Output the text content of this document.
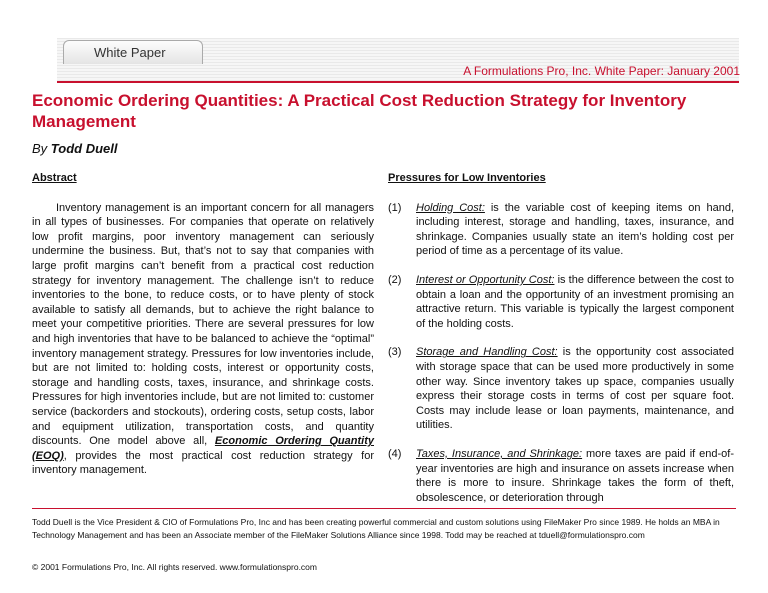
White Paper
A Formulations Pro, Inc. White Paper: January 2001
Economic Ordering Quantities: A Practical Cost Reduction Strategy for Inventory Management
By Todd Duell
Abstract
Inventory management is an important concern for all managers in all types of businesses. For companies that operate on relatively low profit margins, poor inventory management can seriously undermine the business. But, that’s not to say that companies with large profit margins can’t benefit from a practical cost reduction strategy for inventory management. The challenge isn’t to reduce inventories to the bone, to reduce costs, or to have plenty of stock available to satisfy all demands, but to achieve the right balance to meet your competitive priorities. There are several pressures for low and high inventories that have to be balanced to achieve the “optimal” inventory management strategy. Pressures for low inventories include, but are not limited to: holding costs, interest or opportunity costs, storage and handling costs, taxes, insurance, and shrinkage costs. Pressures for high inventories include, but are not limited to: customer service (backorders and stockouts), ordering costs, setup costs, labor and equipment utilization, transportation costs, and quantity discounts. One model above all, Economic Ordering Quantity (EOQ), provides the most practical cost reduction strategy for inventory management.
Pressures for Low Inventories
(1) Holding Cost: is the variable cost of keeping items on hand, including interest, storage and handling, taxes, insurance, and shrinkage. Companies usually state an item’s holding cost per period of time as a percentage of its value.
(2) Interest or Opportunity Cost: is the difference between the cost to obtain a loan and the opportunity of an investment promising an attractive return. This variable is typically the largest component of the holding costs.
(3) Storage and Handling Cost: is the opportunity cost associated with storage space that can be used more productively in some other way. Since inventory takes up space, companies usually express their storage costs in terms of cost per square foot. Costs may include lease or loan payments, maintenance, and utilities.
(4) Taxes, Insurance, and Shrinkage: more taxes are paid if end-of-year inventories are high and insurance on assets increase when there is more to insure. Shrinkage takes the form of theft, obsolescence, or deterioration through
Todd Duell is the Vice President & CIO of Formulations Pro, Inc and has been creating powerful commercial and custom solutions using FileMaker Pro since 1989. He holds an MBA in Technology Management and has been an Associate member of the FileMaker Solutions Alliance since 1998. Todd may be reached at tduell@formulationspro.com
© 2001 Formulations Pro, Inc. All rights reserved. www.formulationspro.com
